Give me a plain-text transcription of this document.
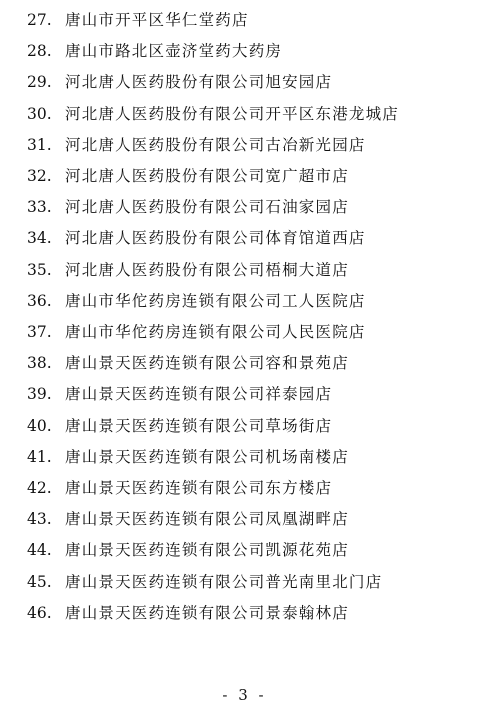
27. 唐山市开平区华仁堂药店
28. 唐山市路北区壶济堂药大药房
29. 河北唐人医药股份有限公司旭安园店
30. 河北唐人医药股份有限公司开平区东港龙城店
31. 河北唐人医药股份有限公司古冶新光园店
32. 河北唐人医药股份有限公司宽广超市店
33. 河北唐人医药股份有限公司石油家园店
34. 河北唐人医药股份有限公司体育馆道西店
35. 河北唐人医药股份有限公司梧桐大道店
36. 唐山市华佗药房连锁有限公司工人医院店
37. 唐山市华佗药房连锁有限公司人民医院店
38. 唐山景天医药连锁有限公司容和景苑店
39. 唐山景天医药连锁有限公司祥泰园店
40. 唐山景天医药连锁有限公司草场街店
41. 唐山景天医药连锁有限公司机场南楼店
42. 唐山景天医药连锁有限公司东方楼店
43. 唐山景天医药连锁有限公司凤凰湖畔店
44. 唐山景天医药连锁有限公司凯源花苑店
45. 唐山景天医药连锁有限公司普光南里北门店
46. 唐山景天医药连锁有限公司景泰翰林店
- 3 -
